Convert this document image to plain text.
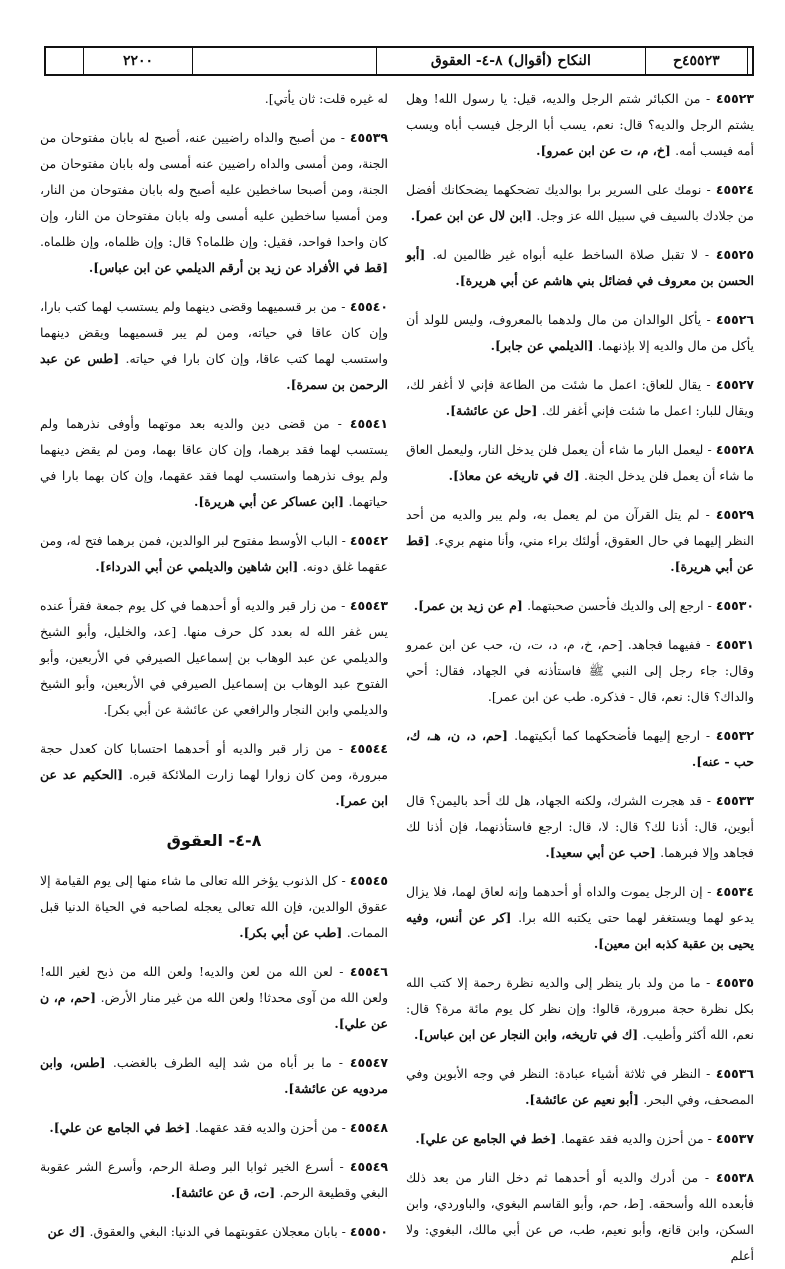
٢٢٠٠	النكاح (أقوال) ٨-٤- العقوق	٤٥٥٢٣ح
٤٥٥٢٣ - من الكبائر شتم الرجل والديه، قيل: يا رسول الله! وهل يشتم الرجل والديه؟ قال: نعم، يسب أبا الرجل فيسب أباه ويسب أمه فيسب أمه. [خ، م، ت عن ابن عمرو].
٤٥٥٢٤ - نومك على السرير برا بوالديك تضحكهما يضحكانك أفضل من جلادك بالسيف في سبيل الله عز وجل. [ابن لال عن ابن عمر].
٤٥٥٢٥ - لا تقبل صلاة الساخط عليه أبواه غير ظالمين له. [أبو الحسن بن معروف في فضائل بني هاشم عن أبي هريرة].
٤٥٥٢٦ - يأكل الوالدان من مال ولدهما بالمعروف، وليس للولد أن يأكل من مال والديه إلا بإذنهما. [الديلمي عن جابر].
٤٥٥٢٧ - يقال للعاق: اعمل ما شئت من الطاعة فإني لا أغفر لك، ويقال للبار: اعمل ما شئت فإني أغفر لك. [حل عن عائشة].
٤٥٥٢٨ - ليعمل البار ما شاء أن يعمل فلن يدخل النار، وليعمل العاق ما شاء أن يعمل فلن يدخل الجنة. [ك في تاريخه عن معاذ].
٤٥٥٢٩ - لم يتل القرآن من لم يعمل به، ولم يبر والديه من أحد النظر إليهما في حال العقوق، أولئك براء مني، وأنا منهم بريء. [قط عن أبي هريرة].
٤٥٥٣٠ - ارجع إلى والديك فأحسن صحبتهما. [م عن زيد بن عمر].
٤٥٥٣١ - ففيهما فجاهد. [حم، خ، م، د، ت، ن، حب عن ابن عمرو وقال: جاء رجل إلى النبي ﷺ فاستأذنه في الجهاد، فقال: أحي والداك؟ قال: نعم، قال - فذكره. طب عن ابن عمر].
٤٥٥٣٢ - ارجع إليهما فأضحكهما كما أبكيتهما. [حم، د، ن، هـ، ك، حب - عنه].
٤٥٥٣٣ - قد هجرت الشرك، ولكنه الجهاد، هل لك أحد باليمن؟ قال أبوين، قال: أذنا لك؟ قال: لا، قال: ارجع فاستأذنهما، فإن أذنا لك فجاهد وإلا فبرهما. [حب عن أبي سعيد].
٤٥٥٣٤ - إن الرجل يموت والداه أو أحدهما وإنه لعاق لهما، فلا يزال يدعو لهما ويستغفر لهما حتى يكتبه الله برا. [كر عن أنس، وفيه يحيى بن عقبة كذبه ابن معين].
٤٥٥٣٥ - ما من ولد بار ينظر إلى والديه نظرة رحمة إلا كتب الله بكل نظرة حجة مبرورة، قالوا: وإن نظر كل يوم مائة مرة؟ قال: نعم، الله أكثر وأطيب. [ك في تاريخه، وابن النجار عن ابن عباس].
٤٥٥٣٦ - النظر في ثلاثة أشياء عبادة: النظر في وجه الأبوين وفي المصحف، وفي البحر. [أبو نعيم عن عائشة].
٤٥٥٣٧ - من أحزن والديه فقد عقهما. [خط في الجامع عن علي].
٤٥٥٣٨ - من أدرك والديه أو أحدهما ثم دخل النار من بعد ذلك فأبعده الله وأسحقه. [ط، حم، وأبو القاسم البغوي، والباوردي، وابن السكن، وابن قانع، وأبو نعيم، طب، ص عن أبي مالك، البغوي: ولا أعلم
له غيره قلت: ثان يأتي].
٤٥٥٣٩ - من أصبح والداه راضيين عنه، أصبح له بابان مفتوحان من الجنة، ومن أمسى والداه راضيين عنه أمسى وله بابان مفتوحان من الجنة، ومن أصبحا ساخطين عليه أصبح وله بابان مفتوحان من النار، ومن أمسيا ساخطين عليه أمسى وله بابان مفتوحان من النار، وإن كان واحدا فواحد، فقيل: وإن ظلماه؟ قال: وإن ظلماه، وإن ظلماه. [قط في الأفراد عن زيد بن أرقم الديلمي عن ابن عباس].
٤٥٥٤٠ - من بر قسميهما وقضى دينهما ولم يستسب لهما كتب بارا، وإن كان عاقا في حياته، ومن لم يبر قسميهما ويقض دينهما واستسب لهما كتب عاقا، وإن كان بارا في حياته. [طس عن عبد الرحمن بن سمرة].
٤٥٥٤١ - من قضى دين والديه بعد موتهما وأوفى نذرهما ولم يستسب لهما فقد برهما، وإن كان عاقا بهما، ومن لم يقض دينهما ولم يوف نذرهما واستسب لهما فقد عقهما، وإن كان بهما بارا في حياتهما. [ابن عساكر عن أبي هريرة].
٤٥٥٤٢ - الباب الأوسط مفتوح لبر الوالدين، فمن برهما فتح له، ومن عقهما غلق دونه. [ابن شاهين والديلمي عن أبي الدرداء].
٤٥٥٤٣ - من زار قبر والديه أو أحدهما في كل يوم جمعة فقرأ عنده يس غفر الله له بعدد كل حرف منها. [عد، والخليل، وأبو الشيخ والديلمي عن عبد الوهاب بن إسماعيل الصيرفي في الأربعين، وأبو الفتوح عبد الوهاب بن إسماعيل الصيرفي في الأربعين، وأبو الشيخ والديلمي وابن النجار والرافعي عن عائشة عن أبي بكر].
٤٥٥٤٤ - من زار قبر والديه أو أحدهما احتسابا كان كعدل حجة مبرورة، ومن كان زوارا لهما زارت الملائكة قبره. [الحكيم عد عن ابن عمر].
٨-٤- العقوق
٤٥٥٤٥ - كل الذنوب يؤخر الله تعالى ما شاء منها إلى يوم القيامة إلا عقوق الوالدين، فإن الله تعالى يعجله لصاحبه في الحياة الدنيا قبل الممات. [طب عن أبي بكر].
٤٥٥٤٦ - لعن الله من لعن والديه! ولعن الله من ذبح لغير الله! ولعن الله من آوى محدثا! ولعن الله من غير منار الأرض. [حم، م، ن عن علي].
٤٥٥٤٧ - ما بر أباه من شد إليه الطرف بالغضب. [طس، وابن مردويه عن عائشة].
٤٥٥٤٨ - من أحزن والديه فقد عقهما. [خط في الجامع عن علي].
٤٥٥٤٩ - أسرع الخير ثوابا البر وصلة الرحم، وأسرع الشر عقوبة البغي وقطيعة الرحم. [ت، ق عن عائشة].
٤٥٥٥٠ - بابان معجلان عقوبتهما في الدنيا: البغي والعقوق. [ك عن
